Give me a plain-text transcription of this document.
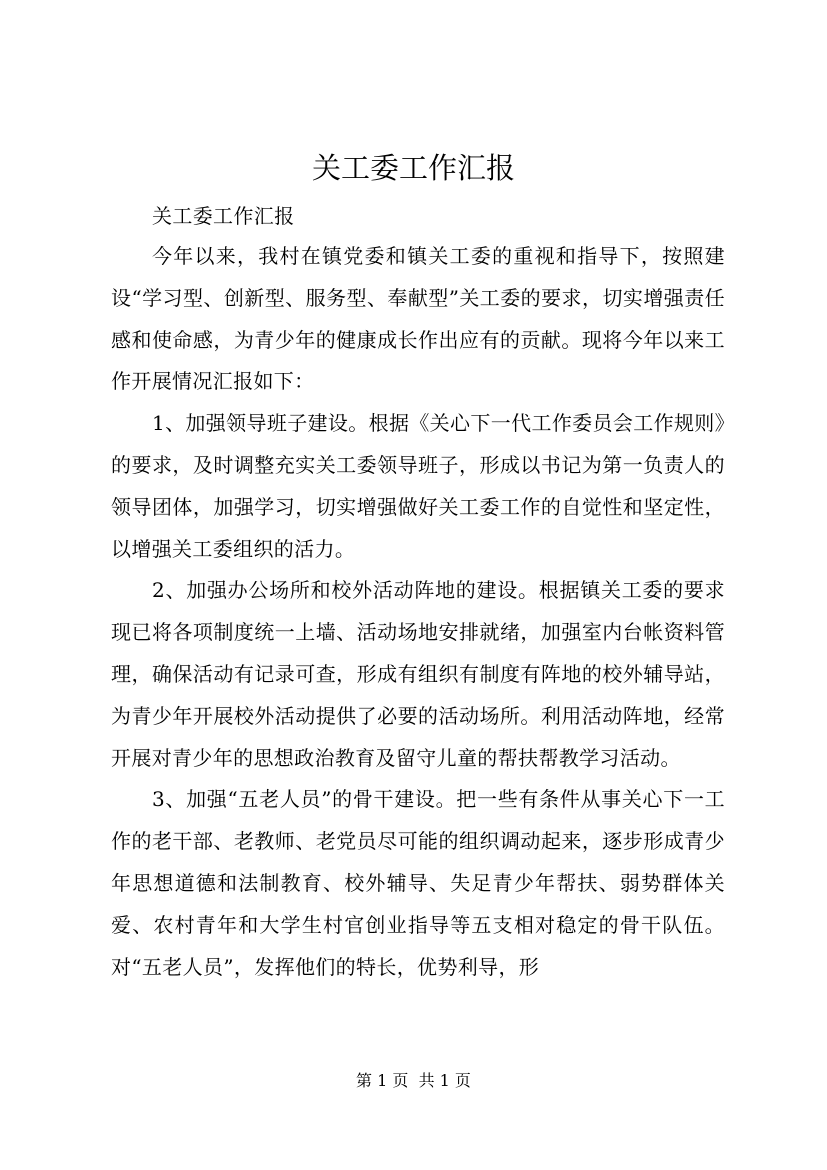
关工委工作汇报

关工委工作汇报

今年以来，我村在镇党委和镇关工委的重视和指导下，按照建设“学习型、创新型、服务型、奉献型”关工委的要求，切实增强责任感和使命感，为青少年的健康成长作出应有的贡献。现将今年以来工作开展情况汇报如下：

1、加强领导班子建设。根据《关心下一代工作委员会工作规则》的要求，及时调整充实关工委领导班子，形成以书记为第一负责人的领导团体，加强学习，切实增强做好关工委工作的自觉性和坚定性，以增强关工委组织的活力。

2、加强办公场所和校外活动阵地的建设。根据镇关工委的要求现已将各项制度统一上墙、活动场地安排就绪，加强室内台帐资料管理，确保活动有记录可查，形成有组织有制度有阵地的校外辅导站，为青少年开展校外活动提供了必要的活动场所。利用活动阵地，经常开展对青少年的思想政治教育及留守儿童的帮扶帮教学习活动。

3、加强“五老人员”的骨干建设。把一些有条件从事关心下一工作的老干部、老教师、老党员尽可能的组织调动起来，逐步形成青少年思想道德和法制教育、校外辅导、失足青少年帮扶、弱势群体关爱、农村青年和大学生村官创业指导等五支相对稳定的骨干队伍。对“五老人员”，发挥他们的特长，优势利导，形

第 1 页  共 1 页
